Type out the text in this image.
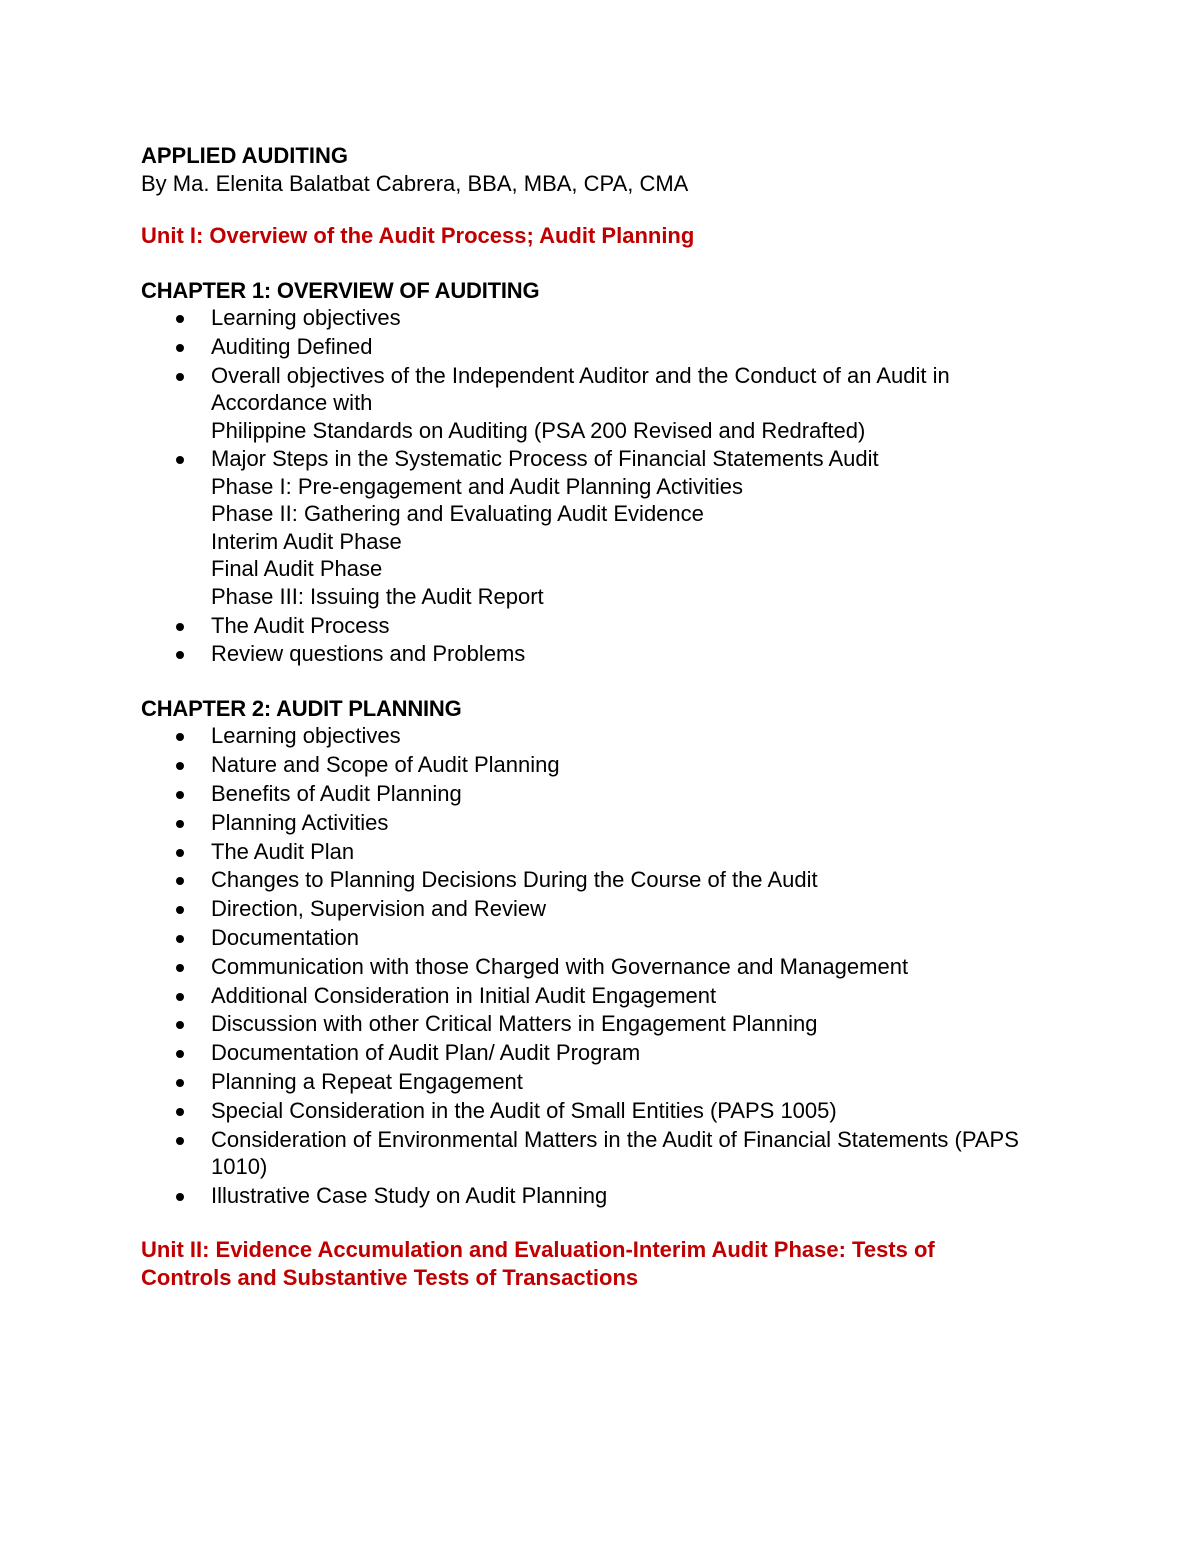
APPLIED AUDITING

By Ma. Elenita Balatbat Cabrera, BBA, MBA, CPA, CMA

Unit I: Overview of the Audit Process; Audit Planning

CHAPTER 1: OVERVIEW OF AUDITING

Learning objectives
Auditing Defined
Overall objectives of the Independent Auditor and the Conduct of an Audit in Accordance with
Philippine Standards on Auditing (PSA 200 Revised and Redrafted)
Major Steps in the Systematic Process of Financial Statements Audit
Phase I: Pre-engagement and Audit Planning Activities
Phase II: Gathering and Evaluating Audit Evidence
Interim Audit Phase
Final Audit Phase
Phase III: Issuing the Audit Report
The Audit Process
Review questions and Problems

CHAPTER 2: AUDIT PLANNING

Learning objectives
Nature and Scope of Audit Planning
Benefits of Audit Planning
Planning Activities
The Audit Plan
Changes to Planning Decisions During the Course of the Audit
Direction, Supervision and Review
Documentation
Communication with those Charged with Governance and Management
Additional Consideration in Initial Audit Engagement
Discussion with other Critical Matters in Engagement Planning
Documentation of Audit Plan/ Audit Program
Planning a Repeat Engagement
Special Consideration in the Audit of Small Entities (PAPS 1005)
Consideration of Environmental Matters in the Audit of Financial Statements (PAPS 1010)
Illustrative Case Study on Audit Planning

Unit II: Evidence Accumulation and Evaluation-Interim Audit Phase: Tests of Controls and Substantive Tests of Transactions
